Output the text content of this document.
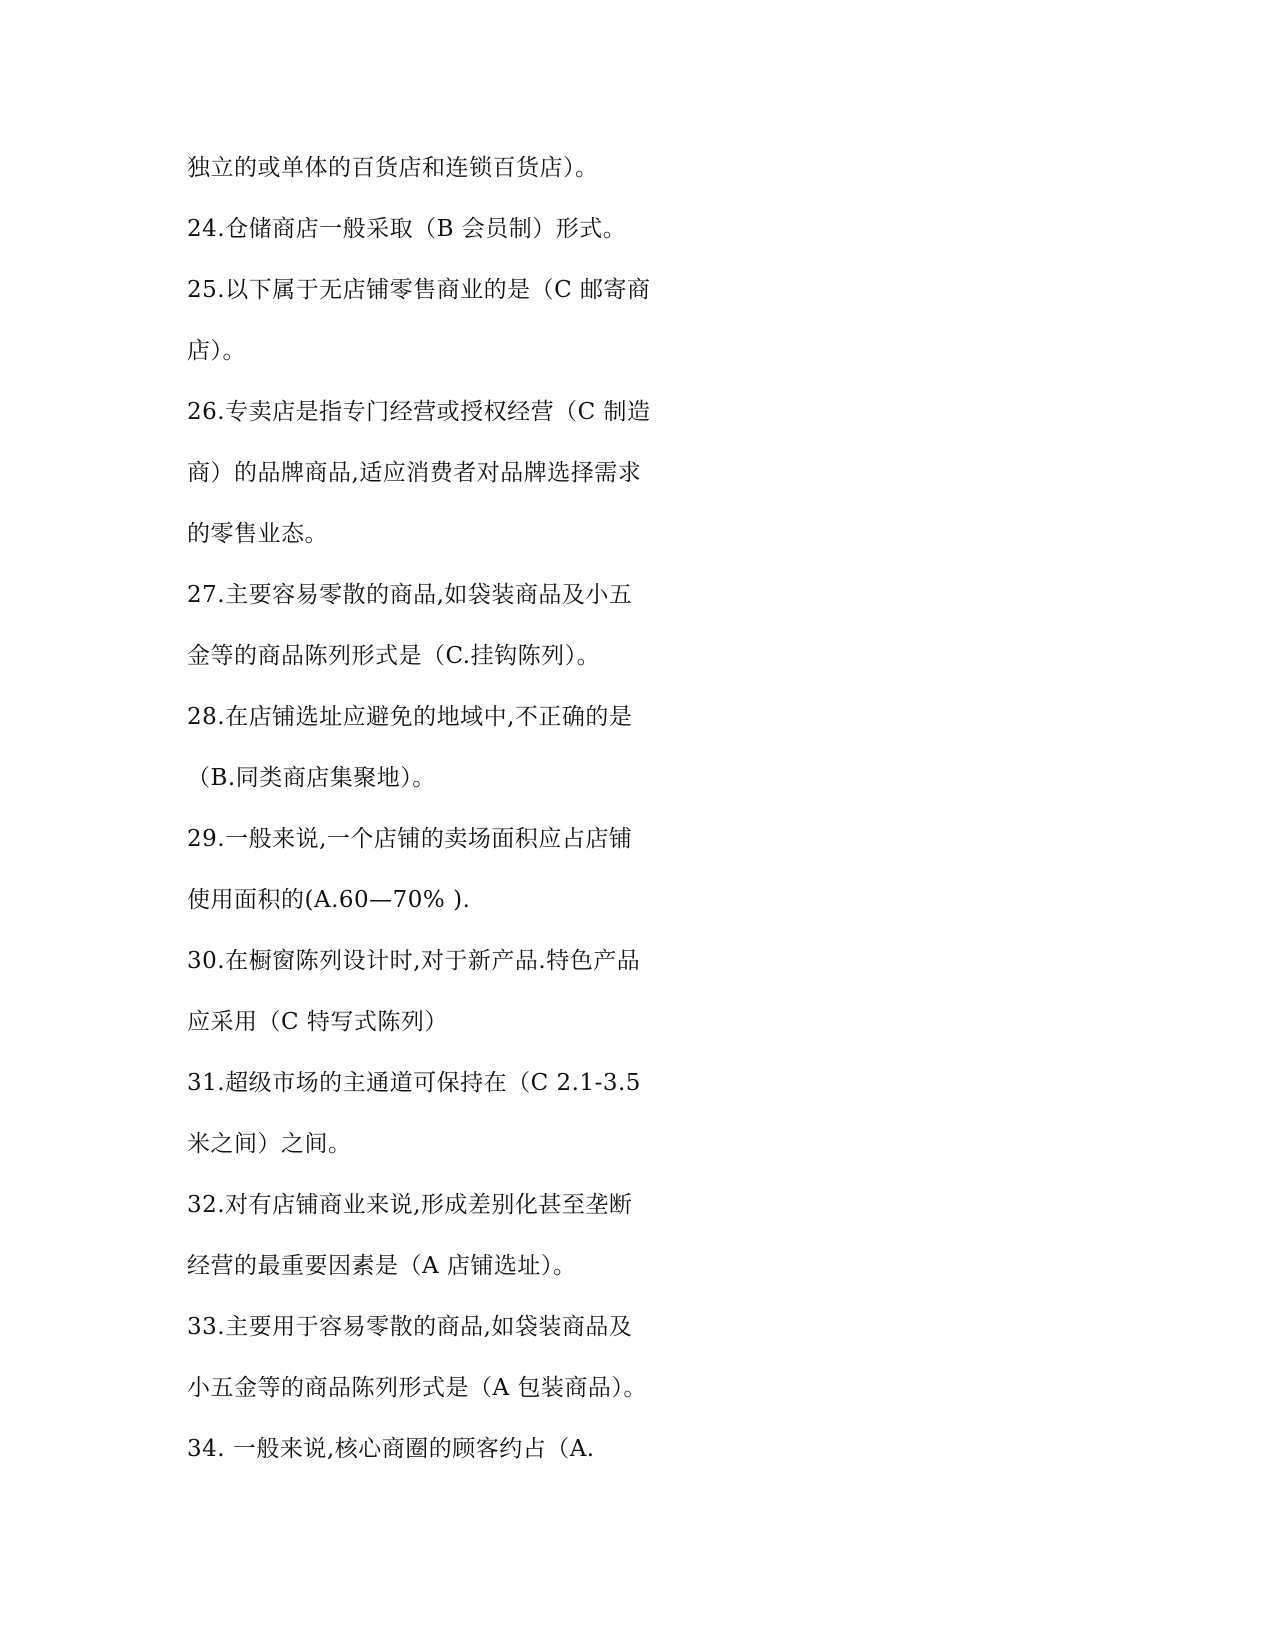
独立的或单体的百货店和连锁百货店）。
24.仓储商店一般采取（B 会员制）形式。
25.以下属于无店铺零售商业的是（C 邮寄商
店）。
26.专卖店是指专门经营或授权经营（C 制造
商）的品牌商品,适应消费者对品牌选择需求
的零售业态。
27.主要容易零散的商品,如袋装商品及小五
金等的商品陈列形式是（C.挂钩陈列）。
28.在店铺选址应避免的地域中,不正确的是
（B.同类商店集聚地）。
29.一般来说,一个店铺的卖场面积应占店铺
使用面积的(A.60—70% ).
30.在橱窗陈列设计时,对于新产品.特色产品
应采用（C 特写式陈列）
31.超级市场的主通道可保持在（C 2.1-3.5
米之间）之间。
32.对有店铺商业来说,形成差别化甚至垄断
经营的最重要因素是（A 店铺选址）。
33.主要用于容易零散的商品,如袋装商品及
小五金等的商品陈列形式是（A 包装商品）。
34. 一般来说,核心商圈的顾客约占（A.
